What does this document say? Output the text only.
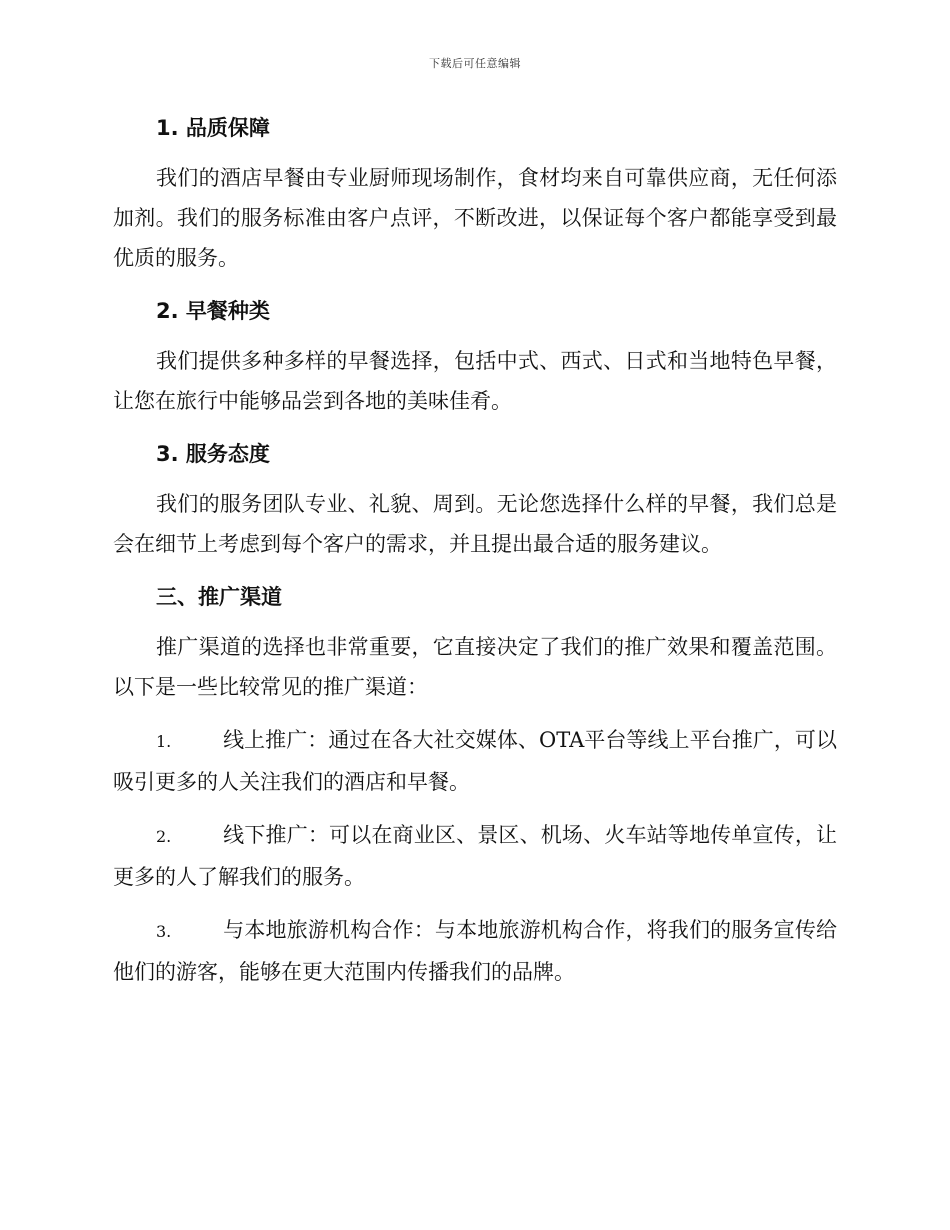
下载后可任意编辑
1. 品质保障
我们的酒店早餐由专业厨师现场制作，食材均来自可靠供应商，无任何添加剂。我们的服务标准由客户点评，不断改进，以保证每个客户都能享受到最优质的服务。
2. 早餐种类
我们提供多种多样的早餐选择，包括中式、西式、日式和当地特色早餐，让您在旅行中能够品尝到各地的美味佳肴。
3. 服务态度
我们的服务团队专业、礼貌、周到。无论您选择什么样的早餐，我们总是会在细节上考虑到每个客户的需求，并且提出最合适的服务建议。
三、推广渠道
推广渠道的选择也非常重要，它直接决定了我们的推广效果和覆盖范围。以下是一些比较常见的推广渠道：
1. 线上推广：通过在各大社交媒体、OTA平台等线上平台推广，可以吸引更多的人关注我们的酒店和早餐。
2. 线下推广：可以在商业区、景区、机场、火车站等地传单宣传，让更多的人了解我们的服务。
3. 与本地旅游机构合作：与本地旅游机构合作，将我们的服务宣传给他们的游客，能够在更大范围内传播我们的品牌。
